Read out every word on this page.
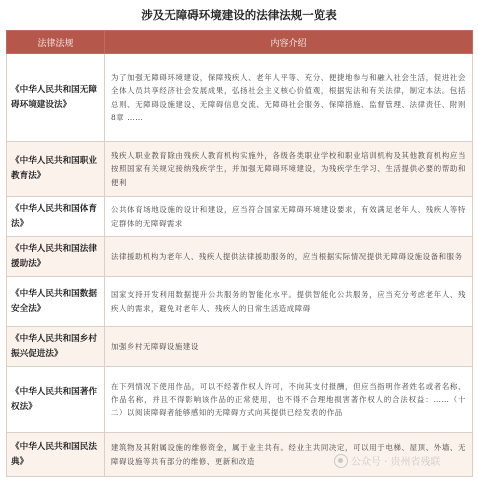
涉及无障碍环境建设的法律法规一览表
法律法规	内容介绍
《中华人民共和国无障碍环境建设法》	为了加强无障碍环境建设，保障残疾人、老年人平等、充分、便捷地参与和融入社会生活，促进社会全体人员共享经济社会发展成果，弘扬社会主义核心价值观，根据宪法和有关法律，制定本法。包括总则、无障碍设施建设、无障碍信息交流、无障碍社会服务、保障措施、监督管理、法律责任、附则8章 ……
《中华人民共和国职业教育法》	残疾人职业教育除由残疾人教育机构实施外，各级各类职业学校和职业培训机构及其他教育机构应当按照国家有关规定接纳残疾学生，并加强无障碍环境建设，为残疾学生学习、生活提供必要的帮助和便利
《中华人民共和国体育法》	公共体育场地设施的设计和建设，应当符合国家无障碍环境建设要求，有效满足老年人、残疾人等特定群体的无障碍需求
《中华人民共和国法律援助法》	法律援助机构为老年人、残疾人提供法律援助服务的，应当根据实际情况提供无障碍设施设备和服务
《中华人民共和国数据安全法》	国家支持开发利用数据提升公共服务的智能化水平。提供智能化公共服务，应当充分考虑老年人、残疾人的需求，避免对老年人、残疾人的日常生活造成障碍
《中华人民共和国乡村振兴促进法》	加强乡村无障碍设施建设
《中华人民共和国著作权法》	在下列情况下使用作品，可以不经著作权人许可，不向其支付报酬，但应当指明作者姓名或者名称、作品名称，并且不得影响该作品的正常使用，也不得不合理地损害著作权人的合法权益：……（十二）以阅读障碍者能够感知的无障碍方式向其提供已经发表的作品
《中华人民共和国民法典》	建筑物及其附属设施的维修资金，属于业主共有。经业主共同决定，可以用于电梯、屋顶、外墙、无障碍设施等共有部分的维修、更新和改造	公众号 · 贵州省残联
